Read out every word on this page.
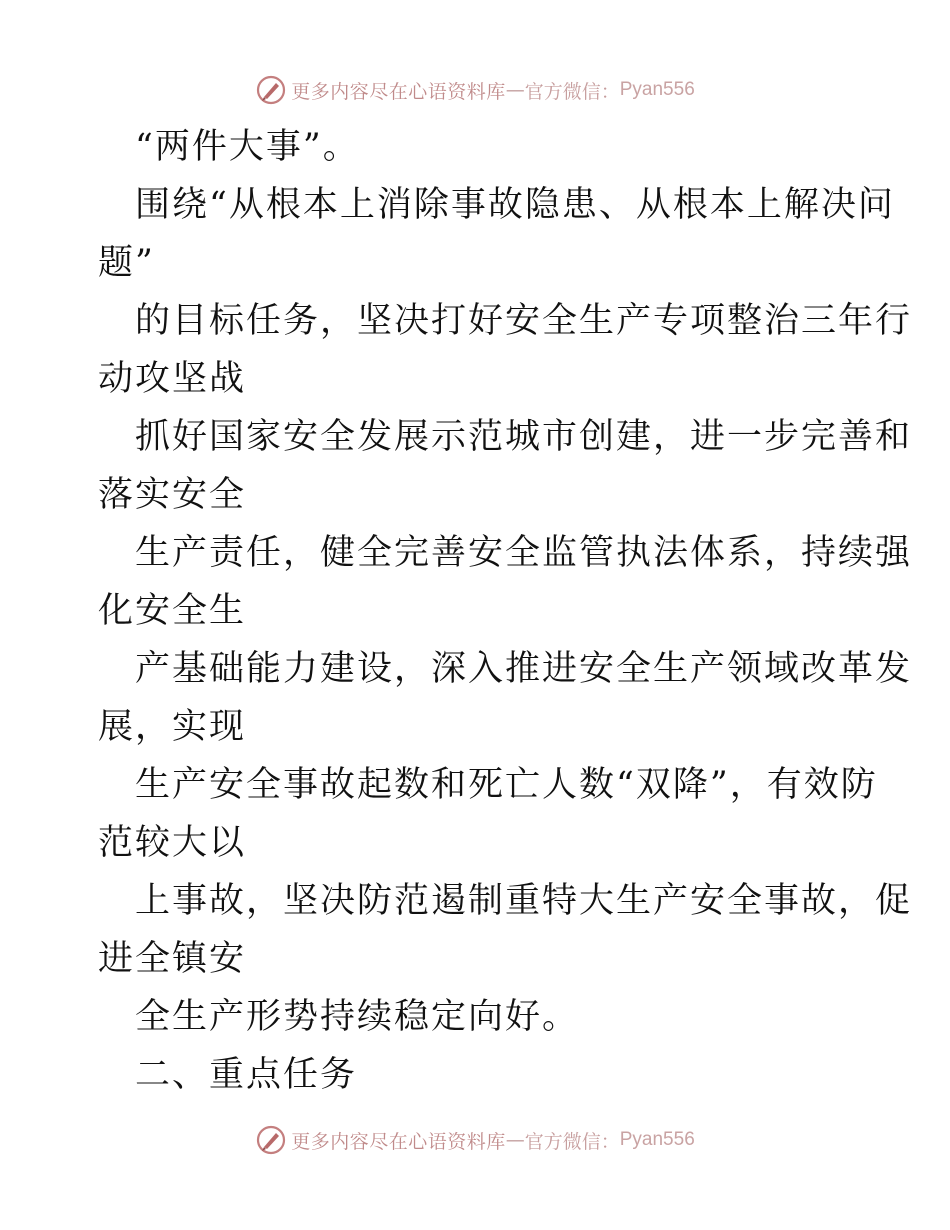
更多内容尽在心语资料库 — 官方微信： Pyan556
“两件大事”。
围绕“从根本上消除事故隐患、从根本上解决问
题”
的目标任务，坚决打好安全生产专项整治三年行
动攻坚战
抓好国家安全发展示范城市创建，进一步完善和
落实安全
生产责任，健全完善安全监管执法体系，持续强
化安全生
产基础能力建设，深入推进安全生产领域改革发
展，实现
生产安全事故起数和死亡人数“双降”，有效防
范较大以
上事故，坚决防范遏制重特大生产安全事故，促
进全镇安
全生产形势持续稳定向好。
二、重点任务
更多内容尽在心语资料库 — 官方微信： Pyan556
